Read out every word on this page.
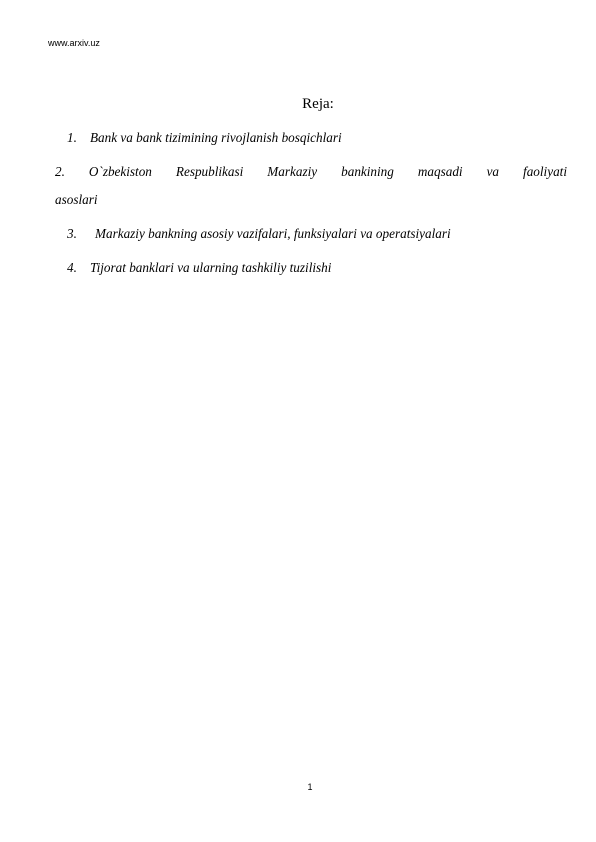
www.arxiv.uz
Reja:
1. Bank va bank tizimining rivojlanish bosqichlari
2. O`zbekiston Respublikasi Markaziy bankining maqsadi va faoliyati
asoslari
3. Markaziy bankning asosiy vazifalari, funksiyalari va operatsiyalari
4. Tijorat banklari va ularning tashkiliy tuzilishi
1
